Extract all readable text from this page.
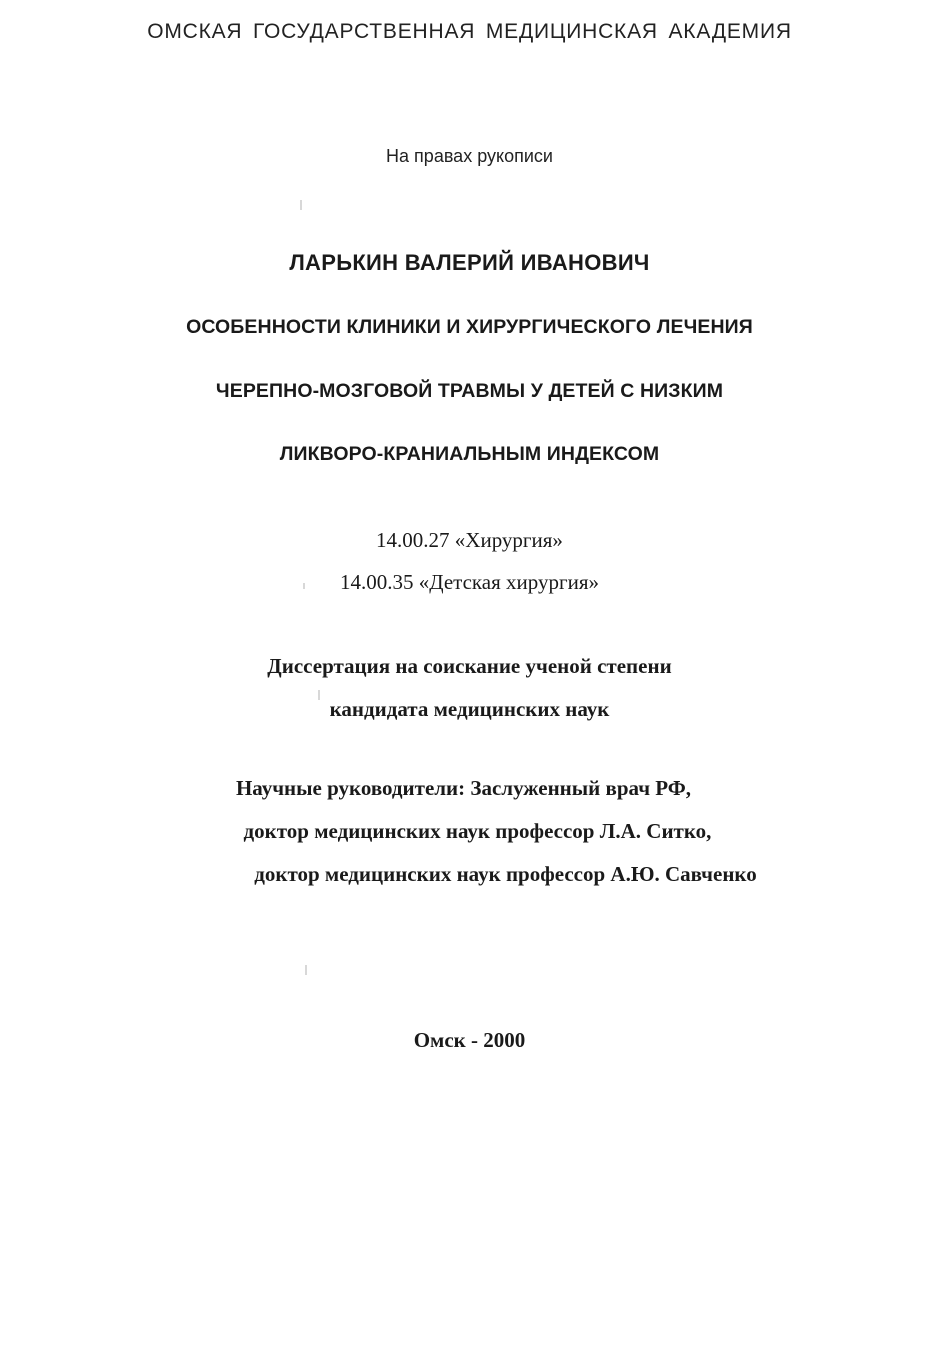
ОМСКАЯ ГОСУДАРСТВЕННАЯ МЕДИЦИНСКАЯ АКАДЕМИЯ

На правах рукописи

ЛАРЬКИН ВАЛЕРИЙ ИВАНОВИЧ

ОСОБЕННОСТИ КЛИНИКИ И ХИРУРГИЧЕСКОГО ЛЕЧЕНИЯ

ЧЕРЕПНО-МОЗГОВОЙ ТРАВМЫ У ДЕТЕЙ С НИЗКИМ

ЛИКВОРО-КРАНИАЛЬНЫМ ИНДЕКСОМ

14.00.27 «Хирургия»

14.00.35 «Детская хирургия»

Диссертация на соискание ученой степени

кандидата медицинских наук

Научные руководители: Заслуженный врач РФ,

доктор медицинских наук профессор Л.А. Ситко,

доктор медицинских наук профессор А.Ю. Савченко

Омск - 2000
